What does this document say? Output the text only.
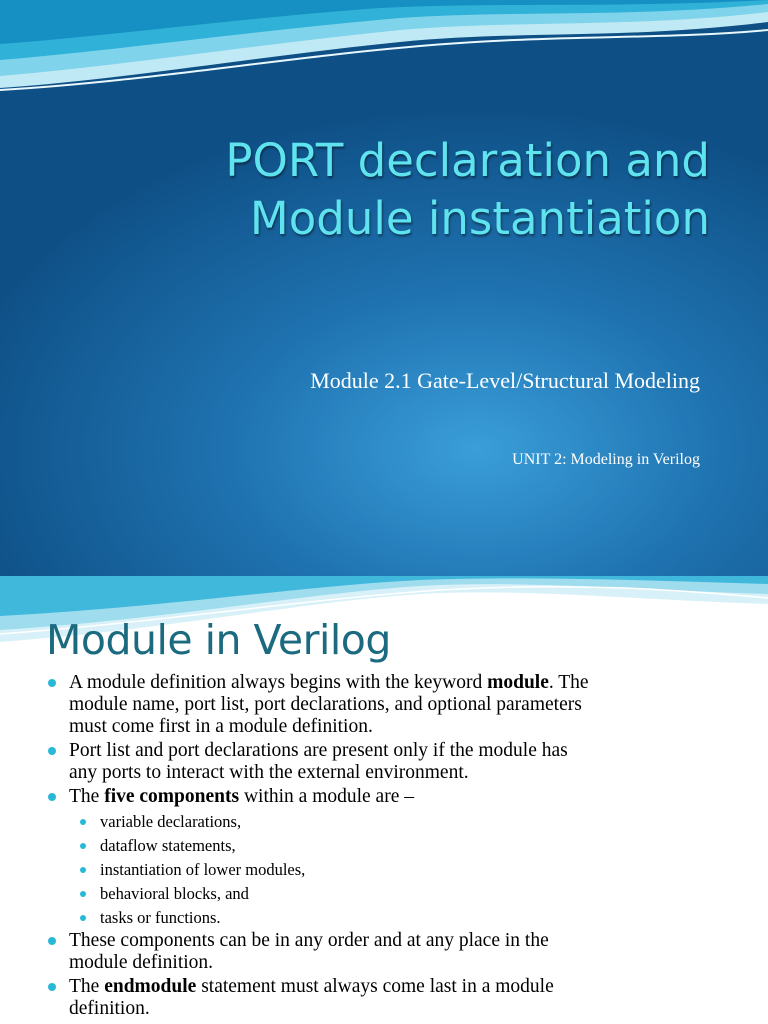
PORT declaration and
Module instantiation
Module 2.1 Gate-Level/Structural Modeling
UNIT 2: Modeling in Verilog
Module in Verilog
A module definition always begins with the keyword module. The
module name, port list, port declarations, and optional parameters
must come first in a module definition.
Port list and port declarations are present only if the module has
any ports to interact with the external environment.
The five components within a module are –
variable declarations,
dataflow statements,
instantiation of lower modules,
behavioral blocks, and
tasks or functions.
These components can be in any order and at any place in the
module definition.
The endmodule statement must always come last in a module
definition.
